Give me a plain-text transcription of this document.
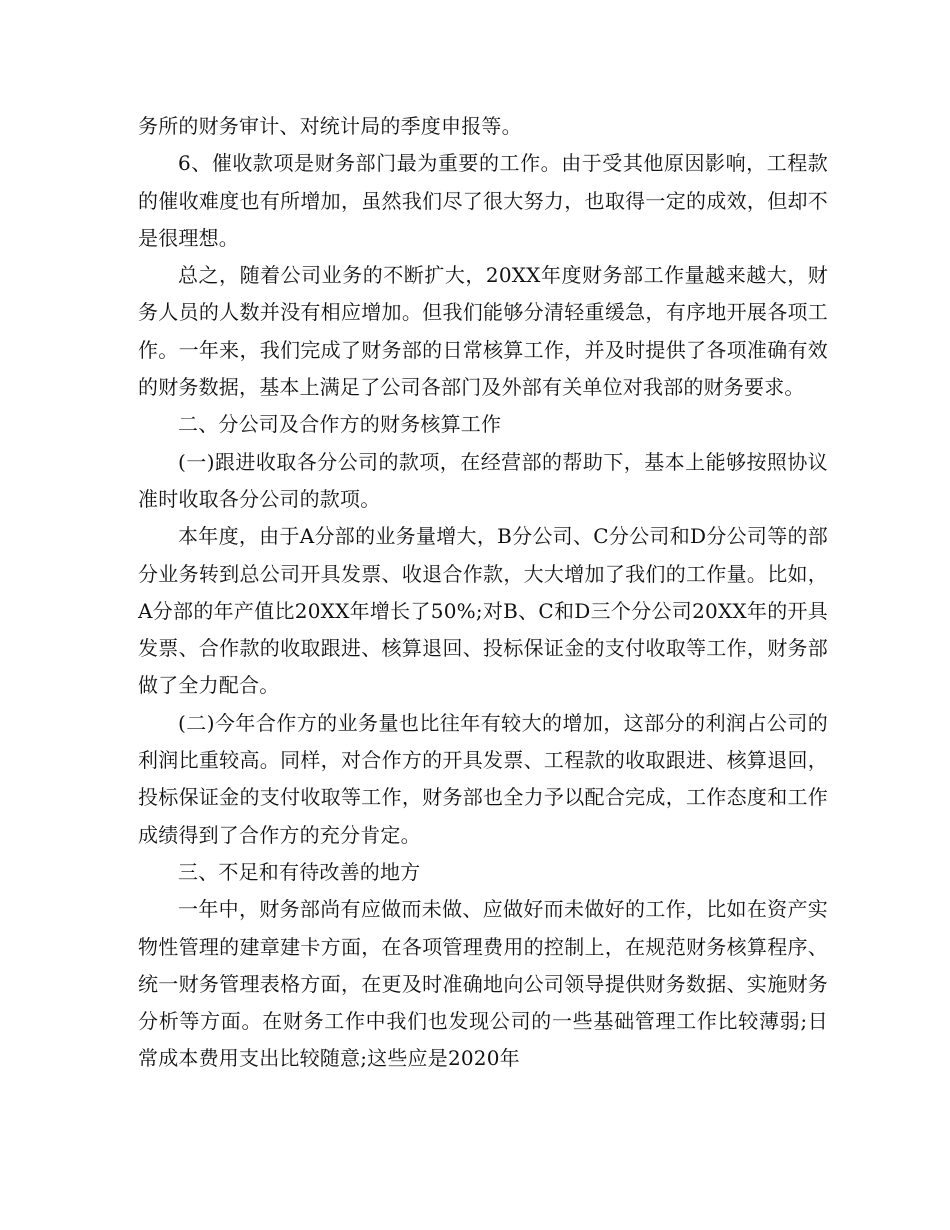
务所的财务审计、对统计局的季度申报等。

6、催收款项是财务部门最为重要的工作。由于受其他原因影响，工程款的催收难度也有所增加，虽然我们尽了很大努力，也取得一定的成效，但却不是很理想。

总之，随着公司业务的不断扩大，20XX年度财务部工作量越来越大，财务人员的人数并没有相应增加。但我们能够分清轻重缓急，有序地开展各项工作。一年来，我们完成了财务部的日常核算工作，并及时提供了各项准确有效的财务数据，基本上满足了公司各部门及外部有关单位对我部的财务要求。

二、分公司及合作方的财务核算工作

(一)跟进收取各分公司的款项，在经营部的帮助下，基本上能够按照协议准时收取各分公司的款项。

本年度，由于A分部的业务量增大，B分公司、C分公司和D分公司等的部分业务转到总公司开具发票、收退合作款，大大增加了我们的工作量。比如，A分部的年产值比20XX年增长了50%;对B、C和D三个分公司20XX年的开具发票、合作款的收取跟进、核算退回、投标保证金的支付收取等工作，财务部做了全力配合。

(二)今年合作方的业务量也比往年有较大的增加，这部分的利润占公司的利润比重较高。同样，对合作方的开具发票、工程款的收取跟进、核算退回，投标保证金的支付收取等工作，财务部也全力予以配合完成，工作态度和工作成绩得到了合作方的充分肯定。

三、不足和有待改善的地方

一年中，财务部尚有应做而未做、应做好而未做好的工作，比如在资产实物性管理的建章建卡方面，在各项管理费用的控制上，在规范财务核算程序、统一财务管理表格方面，在更及时准确地向公司领导提供财务数据、实施财务分析等方面。在财务工作中我们也发现公司的一些基础管理工作比较薄弱;日常成本费用支出比较随意;这些应是2020年
